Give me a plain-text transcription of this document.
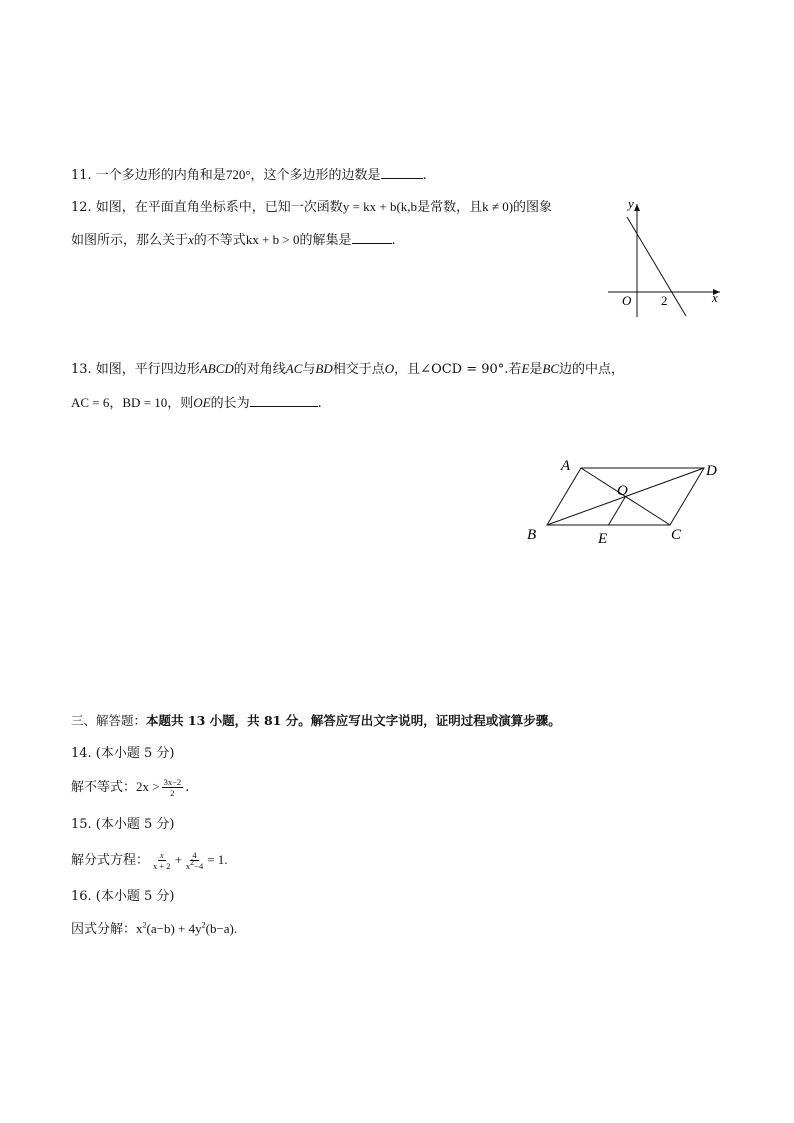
11. 一个多边形的内角和是720°，这个多边形的边数是	.
12. 如图，在平面直角坐标系中，已知一次函数y = kx + b(k,b是常数，且k ≠ 0)的图象
如图所示，那么关于x的不等式kx + b > 0的解集是	.
y
x
O 2
13. 如图，平行四边形ABCD的对角线AC与BD相交于点O，且∠OCD = 90°.若E是BC边的中点，
AC = 6，BD = 10，则OE的长为	.
A	D
O
B	E	C
三、解答题：本题共 13 小题，共 81 分。解答应写出文字说明，证明过程或演算步骤。
14. (本小题 5 分)
解不等式：$2x > \frac{3x-2}{2}$ .
15. (本小题 5 分)
解分式方程： $\frac{x}{x + 2} + \frac{4}{x^2-4} = 1$.
16. (本小题 5 分)
因式分解：$x^2(a-b) + 4y^2(b-a)$.
